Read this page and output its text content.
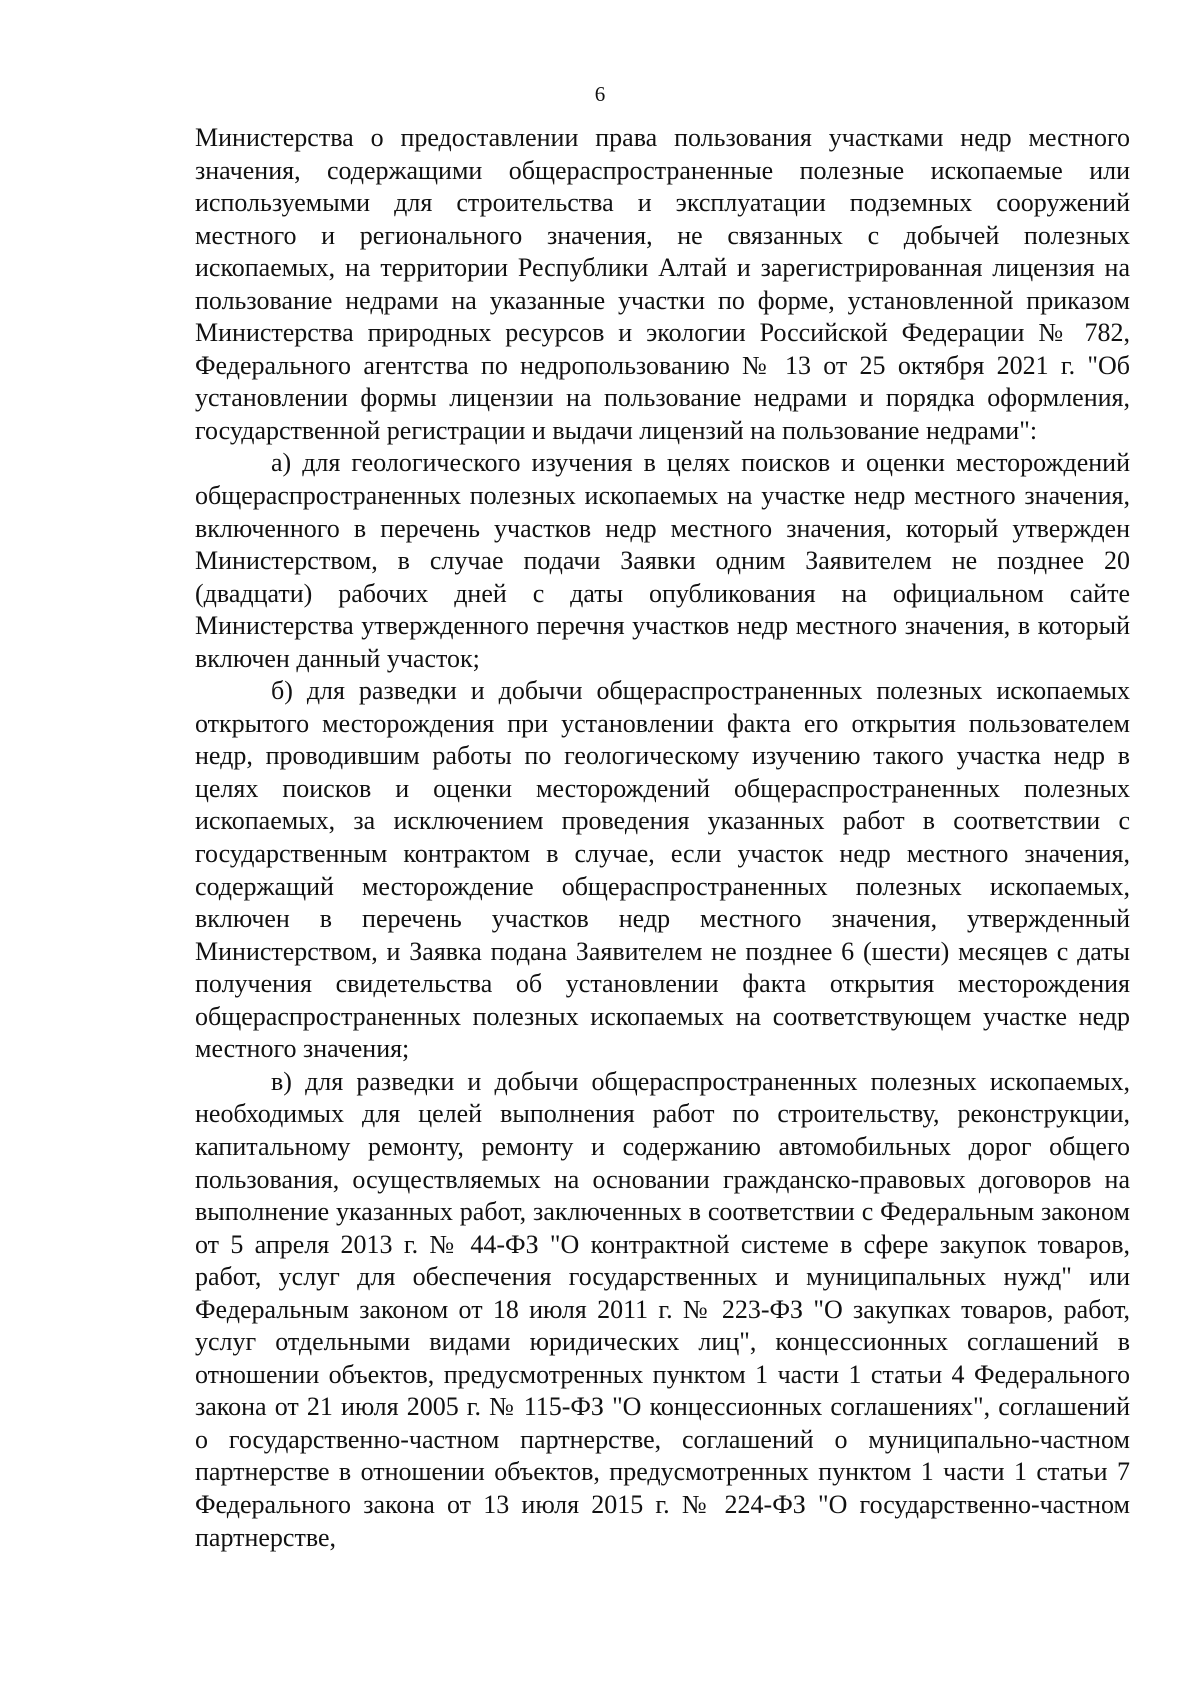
6

Министерства о предоставлении права пользования участками недр местного значения, содержащими общераспространенные полезные ископаемые или используемыми для строительства и эксплуатации подземных сооружений местного и регионального значения, не связанных с добычей полезных ископаемых, на территории Республики Алтай и зарегистрированная лицензия на пользование недрами на указанные участки по форме, установленной приказом Министерства природных ресурсов и экологии Российской Федерации № 782, Федерального агентства по недропользованию № 13 от 25 октября 2021 г. "Об установлении формы лицензии на пользование недрами и порядка оформления, государственной регистрации и выдачи лицензий на пользование недрами":

а) для геологического изучения в целях поисков и оценки месторождений общераспространенных полезных ископаемых на участке недр местного значения, включенного в перечень участков недр местного значения, который утвержден Министерством, в случае подачи Заявки одним Заявителем не позднее 20 (двадцати) рабочих дней с даты опубликования на официальном сайте Министерства утвержденного перечня участков недр местного значения, в который включен данный участок;

б) для разведки и добычи общераспространенных полезных ископаемых открытого месторождения при установлении факта его открытия пользователем недр, проводившим работы по геологическому изучению такого участка недр в целях поисков и оценки месторождений общераспространенных полезных ископаемых, за исключением проведения указанных работ в соответствии с государственным контрактом в случае, если участок недр местного значения, содержащий месторождение общераспространенных полезных ископаемых, включен в перечень участков недр местного значения, утвержденный Министерством, и Заявка подана Заявителем не позднее 6 (шести) месяцев с даты получения свидетельства об установлении факта открытия месторождения общераспространенных полезных ископаемых на соответствующем участке недр местного значения;

в) для разведки и добычи общераспространенных полезных ископаемых, необходимых для целей выполнения работ по строительству, реконструкции, капитальному ремонту, ремонту и содержанию автомобильных дорог общего пользования, осуществляемых на основании гражданско-правовых договоров на выполнение указанных работ, заключенных в соответствии с Федеральным законом от 5 апреля 2013 г. № 44-ФЗ "О контрактной системе в сфере закупок товаров, работ, услуг для обеспечения государственных и муниципальных нужд" или Федеральным законом от 18 июля 2011 г. № 223-ФЗ "О закупках товаров, работ, услуг отдельными видами юридических лиц", концессионных соглашений в отношении объектов, предусмотренных пунктом 1 части 1 статьи 4 Федерального закона от 21 июля 2005 г. № 115-ФЗ "О концессионных соглашениях", соглашений о государственно-частном партнерстве, соглашений о муниципально-частном партнерстве в отношении объектов, предусмотренных пунктом 1 части 1 статьи 7 Федерального закона от 13 июля 2015 г. № 224-ФЗ "О государственно-частном партнерстве,
